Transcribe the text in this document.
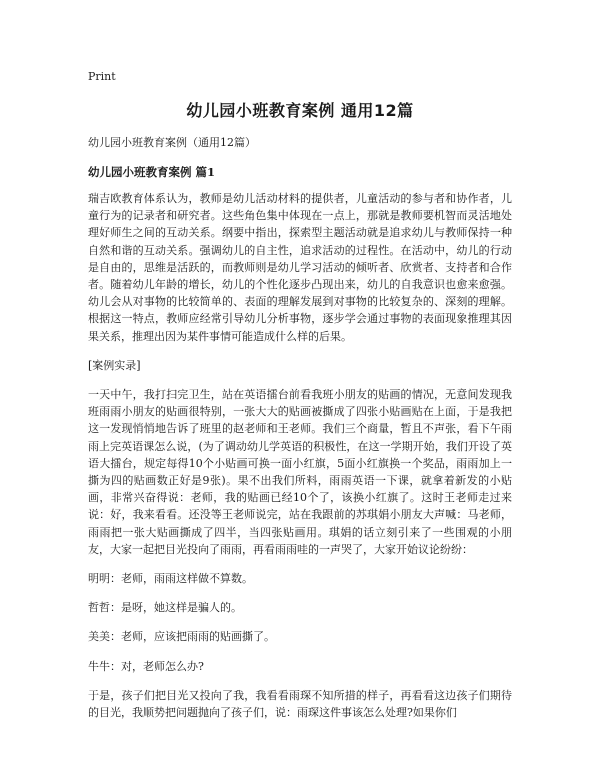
Print
幼儿园小班教育案例 通用12篇
幼儿园小班教育案例（通用12篇）
幼儿园小班教育案例 篇1

瑞吉欧教育体系认为，教师是幼儿活动材料的提供者，儿童活动的参与者和协作者，儿童行为的记录者和研究者。这些角色集中体现在一点上，那就是教师要机智而灵活地处理好师生之间的互动关系。纲要中指出，探索型主题活动就是追求幼儿与教师保持一种自然和谐的互动关系。强调幼儿的自主性，追求活动的过程性。在活动中，幼儿的行动是自由的，思维是活跃的，而教师则是幼儿学习活动的倾听者、欣赏者、支持者和合作者。随着幼儿年龄的增长，幼儿的个性化逐步凸现出来，幼儿的自我意识也愈来愈强。幼儿会从对事物的比较简单的、表面的理解发展到对事物的比较复杂的、深刻的理解。根据这一特点，教师应经常引导幼儿分析事物，逐步学会通过事物的表面现象推理其因果关系，推理出因为某件事情可能造成什么样的后果。

[案例实录]

一天中午，我打扫完卫生，站在英语擂台前看我班小朋友的贴画的情况，无意间发现我班雨雨小朋友的贴画很特别，一张大大的贴画被撕成了四张小贴画贴在上面，于是我把这一发现悄悄地告诉了班里的赵老师和王老师。我们三个商量，暂且不声张，看下午雨雨上完英语课怎么说，(为了调动幼儿学英语的积极性，在这一学期开始，我们开设了英语大擂台，规定每得10个小贴画可换一面小红旗，5面小红旗换一个奖品，雨雨加上一撕为四的贴画数正好是9张)。果不出我们所料，雨雨英语一下课，就拿着新发的小贴画，非常兴奋得说：老师，我的贴画已经10个了，该换小红旗了。这时王老师走过来说：好，我来看看。还没等王老师说完，站在我跟前的苏琪娟小朋友大声喊：马老师，雨雨把一张大贴画撕成了四半，当四张贴画用。琪娟的话立刻引来了一些围观的小朋友，大家一起把目光投向了雨雨，再看雨雨哇的一声哭了，大家开始议论纷纷：

明明：老师，雨雨这样做不算数。

哲哲：是呀，她这样是骗人的。

美美：老师，应该把雨雨的贴画撕了。

牛牛：对，老师怎么办?

于是，孩子们把目光又投向了我，我看看雨琛不知所措的样子，再看看这边孩子们期待的目光，我顺势把问题抛向了孩子们，说：雨琛这件事该怎么处理?如果你们
